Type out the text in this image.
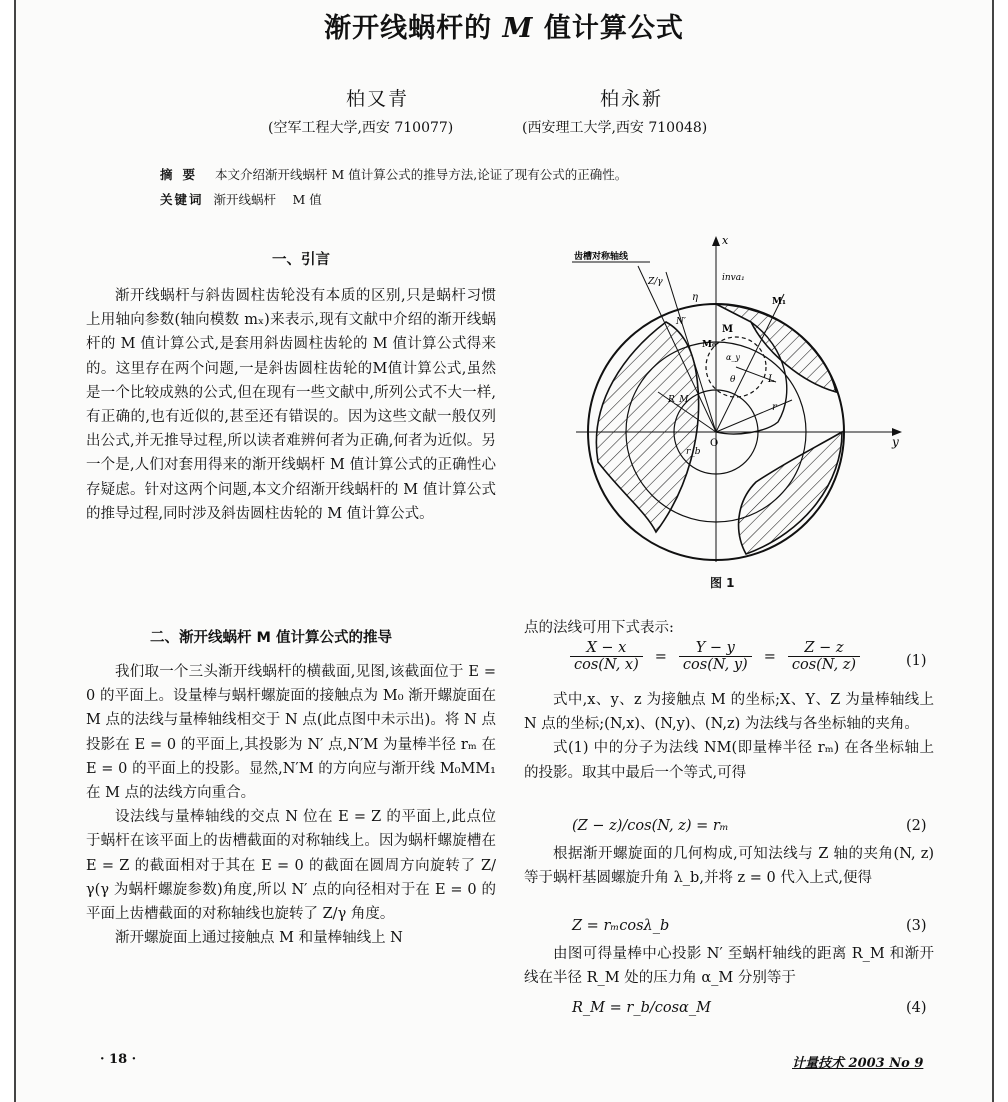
渐开线蜗杆的 M 值计算公式
柏又青	柏永新
(空军工程大学,西安 710077)	(西安理工大学,西安 710048)
摘要 本文介绍渐开线蜗杆 M 值计算公式的推导方法,论证了现有公式的正确性。
关键词 渐开线蜗杆　 M 值
一、引言

渐开线蜗杆与斜齿圆柱齿轮没有本质的区别,只是蜗杆习惯上用轴向参数(轴向模数 mₓ)来表示,现有文献中介绍的渐开线蜗杆的 M 值计算公式,是套用斜齿圆柱齿轮的 M 值计算公式得来的。这里存在两个问题,一是斜齿圆柱齿轮的M值计算公式,虽然是一个比较成熟的公式,但在现有一些文献中,所列公式不大一样,有正确的,也有近似的,甚至还有错误的。因为这些文献一般仅列出公式,并无推导过程,所以读者难辨何者为正确,何者为近似。另一个是,人们对套用得来的渐开线蜗杆 M 值计算公式的正确性心存疑虑。针对这两个问题,本文介绍渐开线蜗杆的 M 值计算公式的推导过程,同时涉及斜齿圆柱齿轮的 M 值计算公式。

二、渐开线蜗杆 M 值计算公式的推导

我们取一个三头渐开线蜗杆的横截面,见图,该截面位于 E = 0 的平面上。设量棒与蜗杆螺旋面的接触点为 M₀ 渐开螺旋面在 M 点的法线与量棒轴线相交于 N 点(此点图中未示出)。将 N 点投影在 E = 0 的平面上,其投影为 N′ 点,N′M 为量棒半径 rₘ 在 E = 0 的平面上的投影。显然,N′M 的方向应与渐开线 M₀MM₁ 在 M 点的法线方向重合。

设法线与量棒轴线的交点 N 位在 E = Z 的平面上,此点位于蜗杆在该平面上的齿槽截面的对称轴线上。因为蜗杆螺旋槽在 E = Z 的截面相对于其在 E = 0 的截面在圆周方向旋转了 Z/γ(γ 为蜗杆螺旋参数)角度,所以 N′ 点的向径相对于在 E = 0 的平面上齿槽截面的对称轴线也旋转了 Z/γ 角度。

渐开螺旋面上通过接触点 M 和量棒轴线上 N

齿槽对称轴线
x
y
O
inva₁
η
Z/γ
N′
M
M₀
M₁
θ
α_y
r
L
r_b
R_M
图 1

点的法线可用下式表示:

$\frac{X - x}{\cos(N, x)} = \frac{Y - y}{\cos(N, y)} = \frac{Z - z}{\cos(N, z)}$	(1)

式中,x、y、z 为接触点 M 的坐标;X、Y、Z 为量棒轴线上 N 点的坐标;(N,x)、(N,y)、(N,z) 为法线与各坐标轴的夹角。

式(1) 中的分子为法线 NM(即量棒半径 rₘ) 在各坐标轴上的投影。取其中最后一个等式,可得

(Z − z)/cos(N, z) = rₘ	(2)

根据渐开螺旋面的几何构成,可知法线与 Z 轴的夹角(N, z)等于蜗杆基圆螺旋升角 λ_b,并将 z = 0 代入上式,便得

Z = rₘcosλ_b	(3)

由图可得量棒中心投影 N′ 至蜗杆轴线的距离 R_M 和渐开线在半径 R_M 处的压力角 α_M 分别等于

R_M = r_b/cosα_M	(4)
· 18 ·	计量技术 2003 No 9
